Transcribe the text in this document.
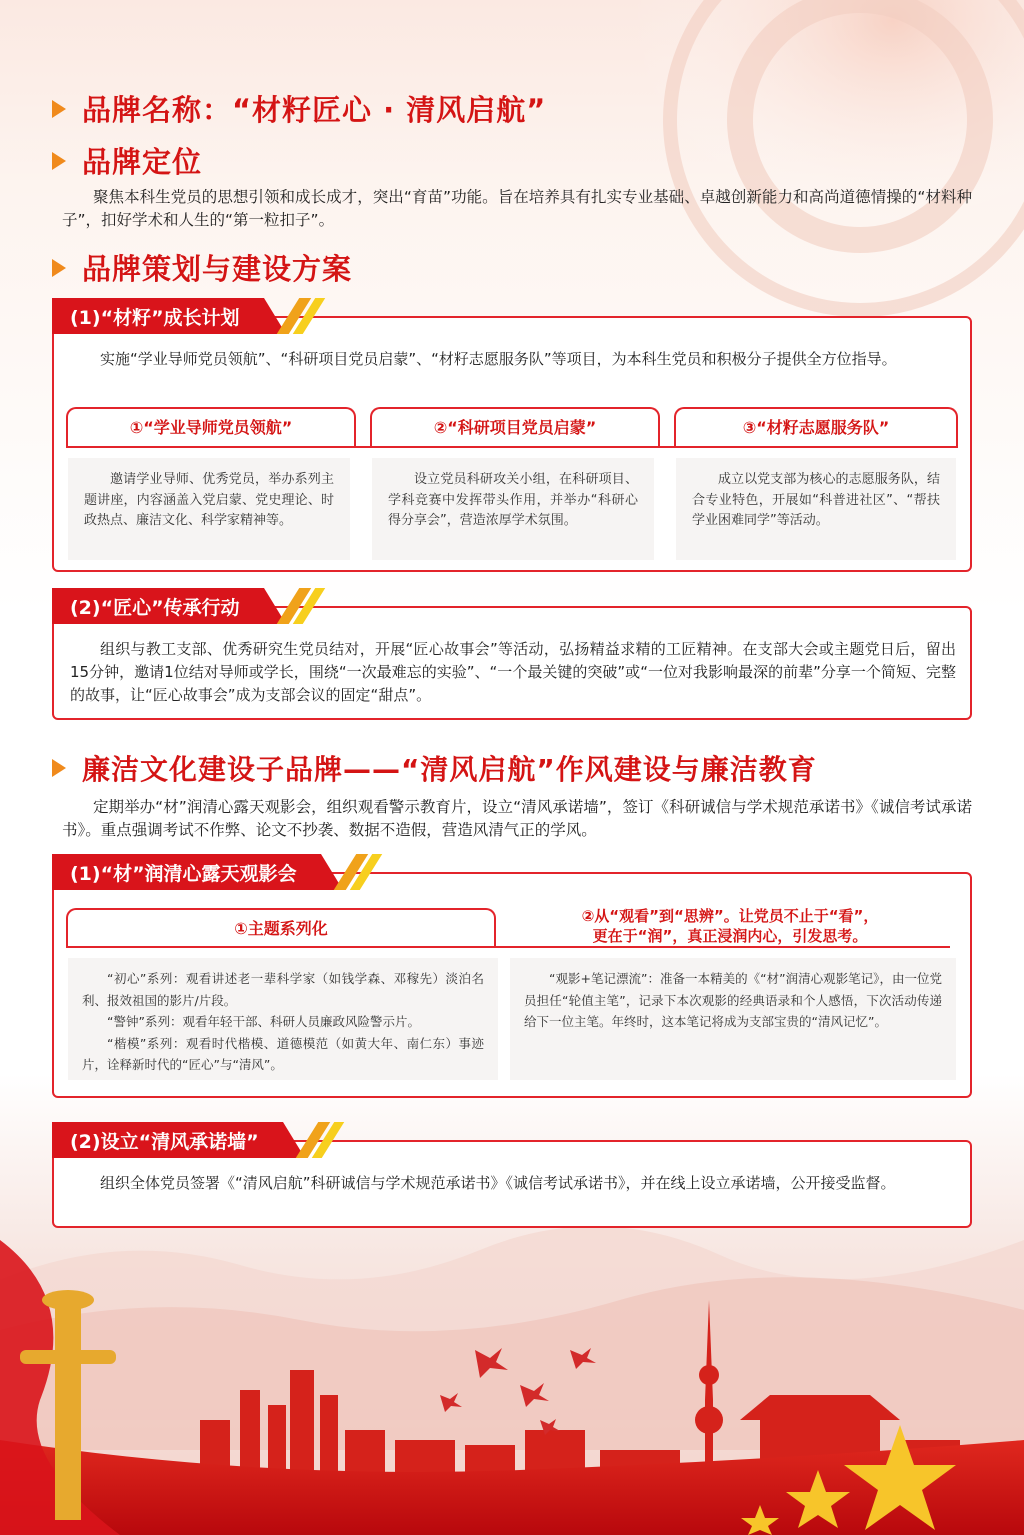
品牌名称：“材籽匠心 · 清风启航”
品牌定位
聚焦本科生党员的思想引领和成长成才，突出“育苗”功能。旨在培养具有扎实专业基础、卓越创新能力和高尚道德情操的“材料种子”，扣好学术和人生的“第一粒扣子”。
品牌策划与建设方案
(1)“材籽”成长计划
实施“学业导师党员领航”、“科研项目党员启蒙”、“材籽志愿服务队”等项目，为本科生党员和积极分子提供全方位指导。
①“学业导师党员领航”	②“科研项目党员启蒙”	③“材籽志愿服务队”
邀请学业导师、优秀党员，举办系列主题讲座，内容涵盖入党启蒙、党史理论、时政热点、廉洁文化、科学家精神等。
设立党员科研攻关小组，在科研项目、学科竞赛中发挥带头作用，并举办“科研心得分享会”，营造浓厚学术氛围。
成立以党支部为核心的志愿服务队，结合专业特色，开展如“科普进社区”、“帮扶学业困难同学”等活动。
(2)“匠心”传承行动
组织与教工支部、优秀研究生党员结对，开展“匠心故事会”等活动，弘扬精益求精的工匠精神。在支部大会或主题党日后，留出15分钟，邀请1位结对导师或学长，围绕“一次最难忘的实验”、“一个最关键的突破”或“一位对我影响最深的前辈”分享一个简短、完整的故事，让“匠心故事会”成为支部会议的固定“甜点”。
廉洁文化建设子品牌——“清风启航”作风建设与廉洁教育
定期举办“材”润清心露天观影会，组织观看警示教育片，设立“清风承诺墙”，签订《科研诚信与学术规范承诺书》《诚信考试承诺书》。重点强调考试不作弊、论文不抄袭、数据不造假，营造风清气正的学风。
(1)“材”润清心露天观影会
①主题系列化
②从“观看”到“思辨”。让党员不止于“看”，
更在于“润”，真正浸润内心，引发思考。
“初心”系列：观看讲述老一辈科学家（如钱学森、邓稼先）淡泊名利、报效祖国的影片/片段。
“警钟”系列：观看年轻干部、科研人员廉政风险警示片。
“楷模”系列：观看时代楷模、道德模范（如黄大年、南仁东）事迹片，诠释新时代的“匠心”与“清风”。
“观影+笔记漂流”：准备一本精美的《“材”润清心观影笔记》，由一位党员担任“轮值主笔”，记录下本次观影的经典语录和个人感悟，下次活动传递给下一位主笔。年终时，这本笔记将成为支部宝贵的“清风记忆”。
(2)设立“清风承诺墙”
组织全体党员签署《“清风启航”科研诚信与学术规范承诺书》《诚信考试承诺书》，并在线上设立承诺墙，公开接受监督。
